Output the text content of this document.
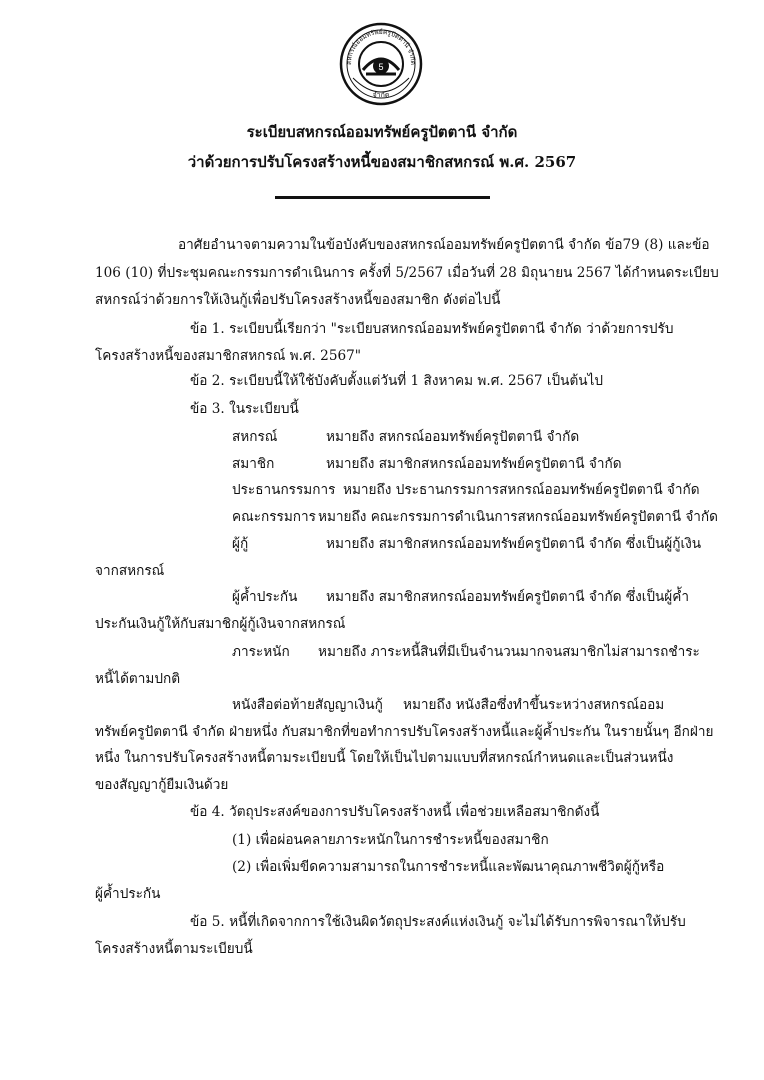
5
จำกัด
สหกรณ์ออมทรัพย์ครูปัตตานี จำกัด
ระเบียบสหกรณ์ออมทรัพย์ครูปัตตานี จำกัด
ว่าด้วยการปรับโครงสร้างหนี้ของสมาชิกสหกรณ์ พ.ศ. 2567
อาศัยอำนาจตามความในข้อบังคับของสหกรณ์ออมทรัพย์ครูปัตตานี จำกัด ข้อ79 (8) และข้อ
106 (10) ที่ประชุมคณะกรรมการดำเนินการ ครั้งที่ 5/2567 เมื่อวันที่ 28 มิถุนายน 2567 ได้กำหนดระเบียบ
สหกรณ์ว่าด้วยการให้เงินกู้เพื่อปรับโครงสร้างหนี้ของสมาชิก ดังต่อไปนี้
ข้อ 1. ระเบียบนี้เรียกว่า "ระเบียบสหกรณ์ออมทรัพย์ครูปัตตานี จำกัด ว่าด้วยการปรับ
โครงสร้างหนี้ของสมาชิกสหกรณ์ พ.ศ. 2567"
ข้อ 2. ระเบียบนี้ให้ใช้บังคับตั้งแต่วันที่ 1 สิงหาคม พ.ศ. 2567 เป็นต้นไป
ข้อ 3. ในระเบียบนี้
สหกรณ์	หมายถึง สหกรณ์ออมทรัพย์ครูปัตตานี จำกัด
สมาชิก	หมายถึง สมาชิกสหกรณ์ออมทรัพย์ครูปัตตานี จำกัด
ประธานกรรมการ หมายถึง ประธานกรรมการสหกรณ์ออมทรัพย์ครูปัตตานี จำกัด
คณะกรรมการ หมายถึง คณะกรรมการดำเนินการสหกรณ์ออมทรัพย์ครูปัตตานี จำกัด
ผู้กู้	หมายถึง สมาชิกสหกรณ์ออมทรัพย์ครูปัตตานี จำกัด ซึ่งเป็นผู้กู้เงิน
จากสหกรณ์
ผู้ค้ำประกัน หมายถึง สมาชิกสหกรณ์ออมทรัพย์ครูปัตตานี จำกัด ซึ่งเป็นผู้ค้ำ
ประกันเงินกู้ให้กับสมาชิกผู้กู้เงินจากสหกรณ์
ภาระหนัก หมายถึง ภาระหนี้สินที่มีเป็นจำนวนมากจนสมาชิกไม่สามารถชำระ
หนี้ได้ตามปกติ
หนังสือต่อท้ายสัญญาเงินกู้ หมายถึง หนังสือซึ่งทำขึ้นระหว่างสหกรณ์ออม
ทรัพย์ครูปัตตานี จำกัด ฝ่ายหนึ่ง กับสมาชิกที่ขอทำการปรับโครงสร้างหนี้และผู้ค้ำประกัน ในรายนั้นๆ อีกฝ่าย
หนึ่ง ในการปรับโครงสร้างหนี้ตามระเบียบนี้ โดยให้เป็นไปตามแบบที่สหกรณ์กำหนดและเป็นส่วนหนึ่ง
ของสัญญากู้ยืมเงินด้วย
ข้อ 4. วัตถุประสงค์ของการปรับโครงสร้างหนี้ เพื่อช่วยเหลือสมาชิกดังนี้
(1) เพื่อผ่อนคลายภาระหนักในการชำระหนี้ของสมาชิก
(2) เพื่อเพิ่มขีดความสามารถในการชำระหนี้และพัฒนาคุณภาพชีวิตผู้กู้หรือ
ผู้ค้ำประกัน
ข้อ 5. หนี้ที่เกิดจากการใช้เงินผิดวัตถุประสงค์แห่งเงินกู้ จะไม่ได้รับการพิจารณาให้ปรับ
โครงสร้างหนี้ตามระเบียบนี้
